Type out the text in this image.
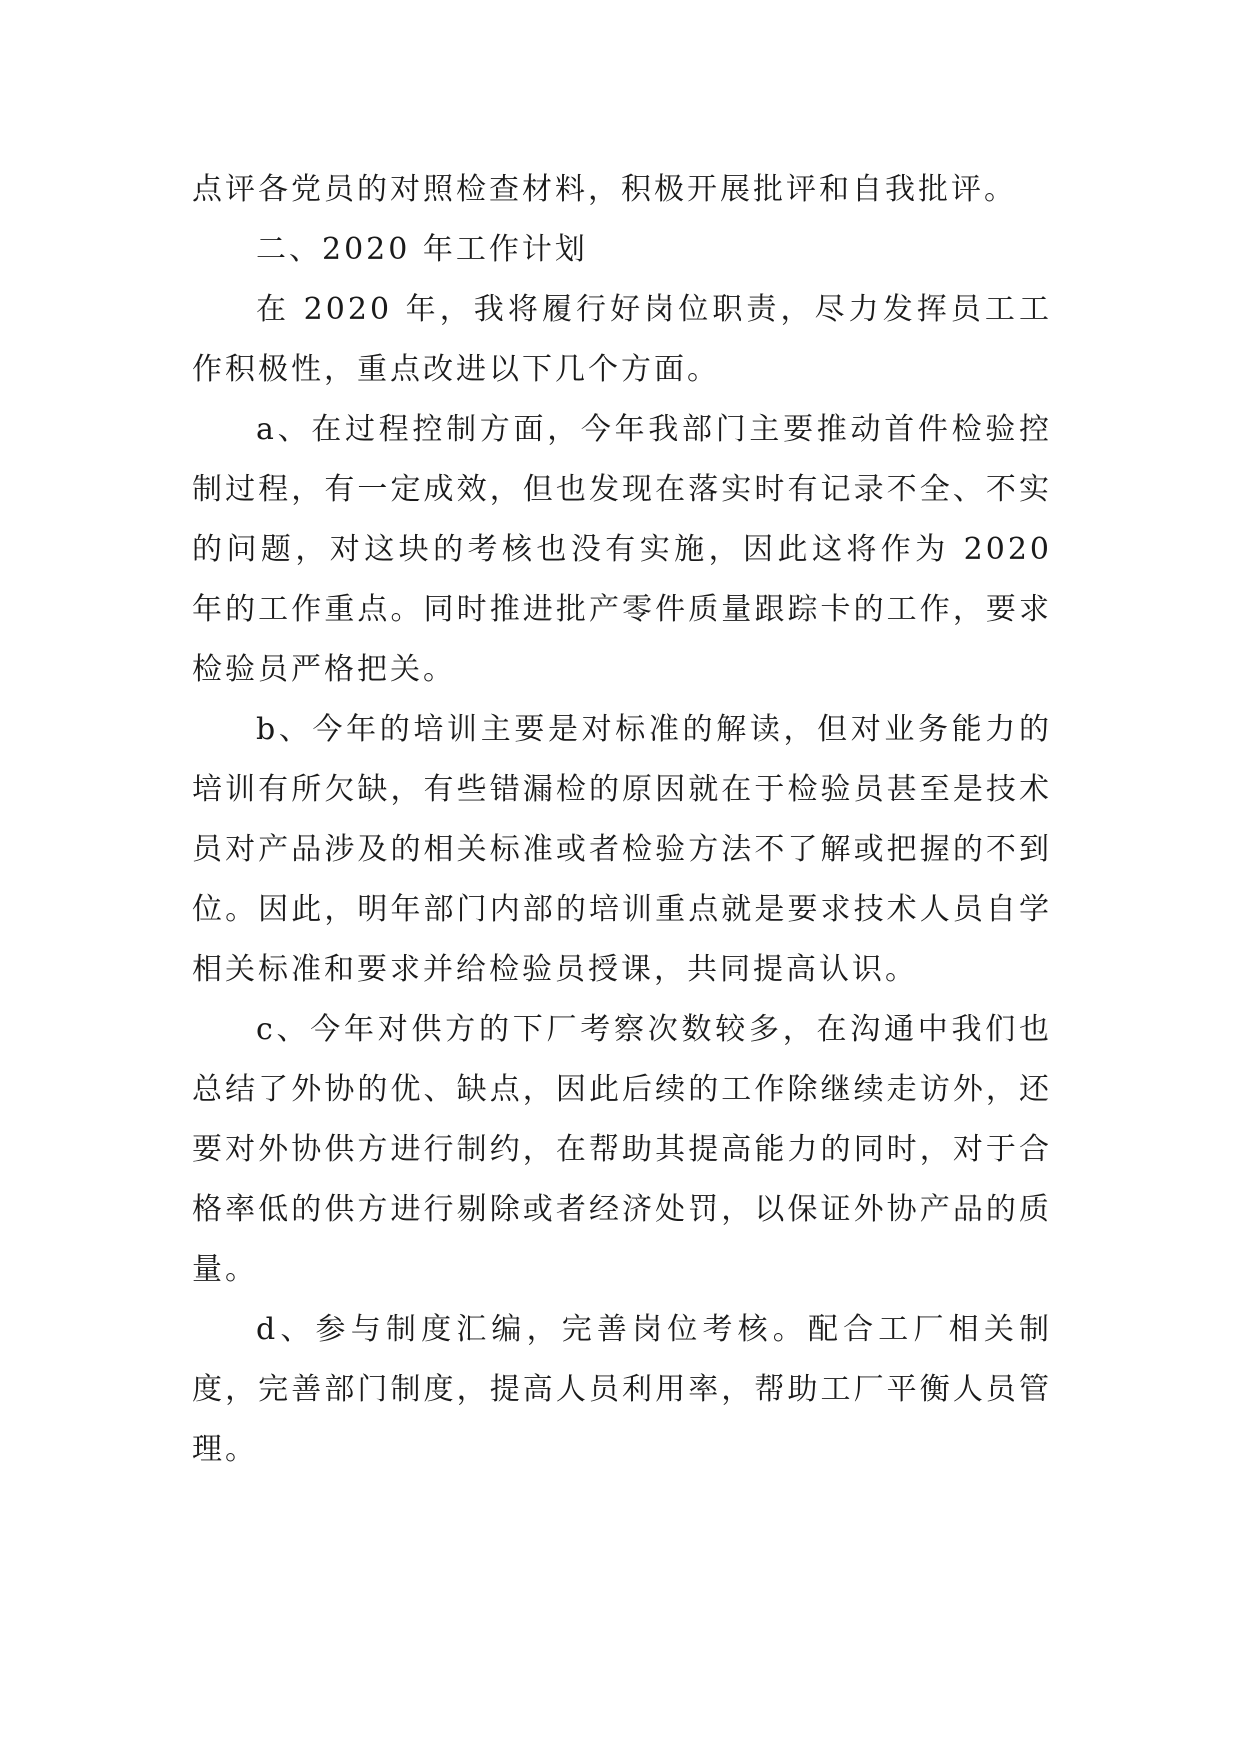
点评各党员的对照检查材料，积极开展批评和自我批评。

二、2020 年工作计划

在 2020 年，我将履行好岗位职责，尽力发挥员工工作积极性，重点改进以下几个方面。

a、在过程控制方面，今年我部门主要推动首件检验控制过程，有一定成效，但也发现在落实时有记录不全、不实的问题，对这块的考核也没有实施，因此这将作为 2020 年的工作重点。同时推进批产零件质量跟踪卡的工作，要求检验员严格把关。

b、今年的培训主要是对标准的解读，但对业务能力的培训有所欠缺，有些错漏检的原因就在于检验员甚至是技术员对产品涉及的相关标准或者检验方法不了解或把握的不到位。因此，明年部门内部的培训重点就是要求技术人员自学相关标准和要求并给检验员授课，共同提高认识。

c、今年对供方的下厂考察次数较多，在沟通中我们也总结了外协的优、缺点，因此后续的工作除继续走访外，还要对外协供方进行制约，在帮助其提高能力的同时，对于合格率低的供方进行剔除或者经济处罚，以保证外协产品的质量。

d、参与制度汇编，完善岗位考核。配合工厂相关制度，完善部门制度，提高人员利用率，帮助工厂平衡人员管理。
